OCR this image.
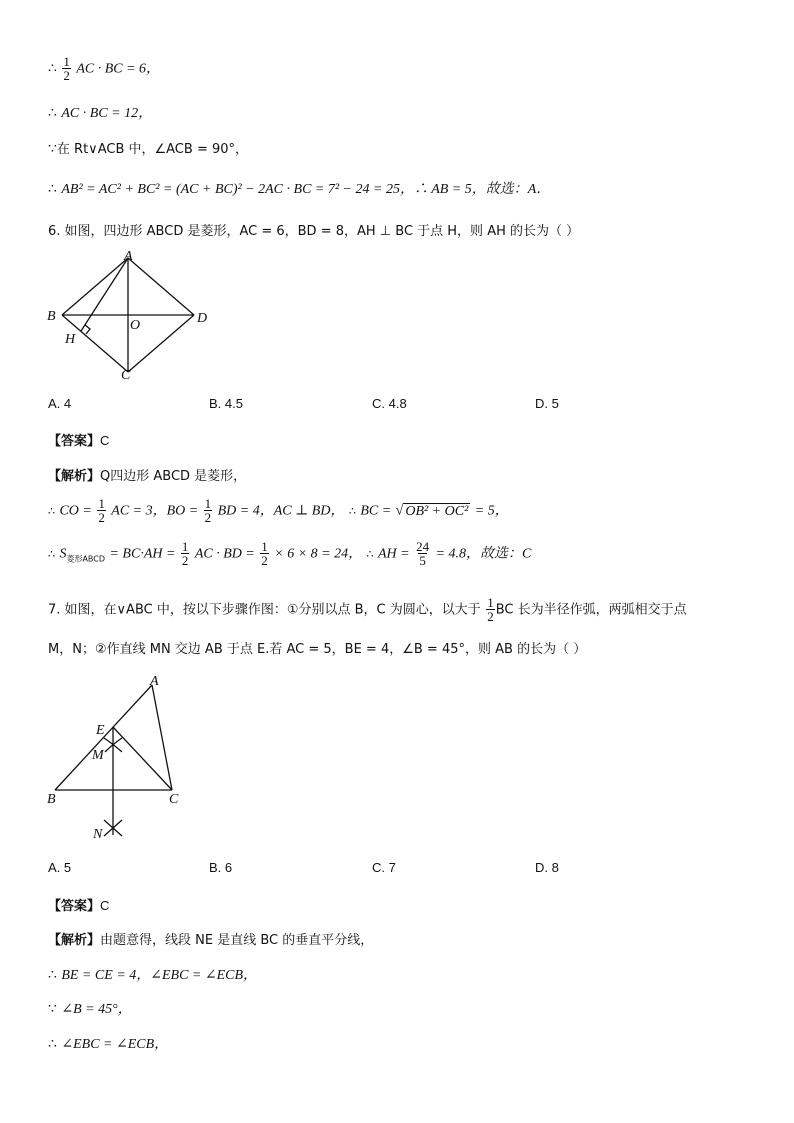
∴ $\frac{1}{2}$ AC · BC = 6，
∴ AC · BC = 12，
∵在 Rt∨ACB 中，∠ACB = 90°，
∴ AB² = AC² + BC² = (AC + BC)² − 2AC · BC = 7² − 24 = 25，∴ AB = 5，故选：A．
6. 如图，四边形 ABCD 是菱形，AC = 6，BD = 8，AH ⊥ BC 于点 H，则 AH 的长为（ ）
A
B	D
C
O
H
A. 4	B. 4.5	C. 4.8	D. 5
【答案】C
【解析】Q四边形 ABCD 是菱形，
∴ CO = $\frac{1}{2}$ AC = 3，BO = $\frac{1}{2}$ BD = 4，AC ⊥ BD， ∴ BC = √ OB² + OC² = 5，
∴ $S_{菱形ABCD} = BC\cdot AH = \frac{1}{2}$ AC · BD = $\frac{1}{2} \times 6 \times 8 = 24$， ∴ AH = $\frac{24}{5} = 4.8$，故选：C
7. 如图，在∨ABC 中，按以下步骤作图：①分别以点 B，C 为圆心，以大于 $\frac{1}{2}$ BC 长为半径作弧，两弧相交于点
M，N；②作直线 MN 交边 AB 于点 E.若 AC = 5，BE = 4，∠B = 45°，则 AB 的长为（ ）
A
E
M
B	C
N
A. 5	B. 6	C. 7	D. 8
【答案】C
【解析】由题意得，线段 NE 是直线 BC 的垂直平分线，
∴ BE = CE = 4，∠EBC = ∠ECB，
∵ ∠B = 45°，
∴ ∠EBC = ∠ECB，
